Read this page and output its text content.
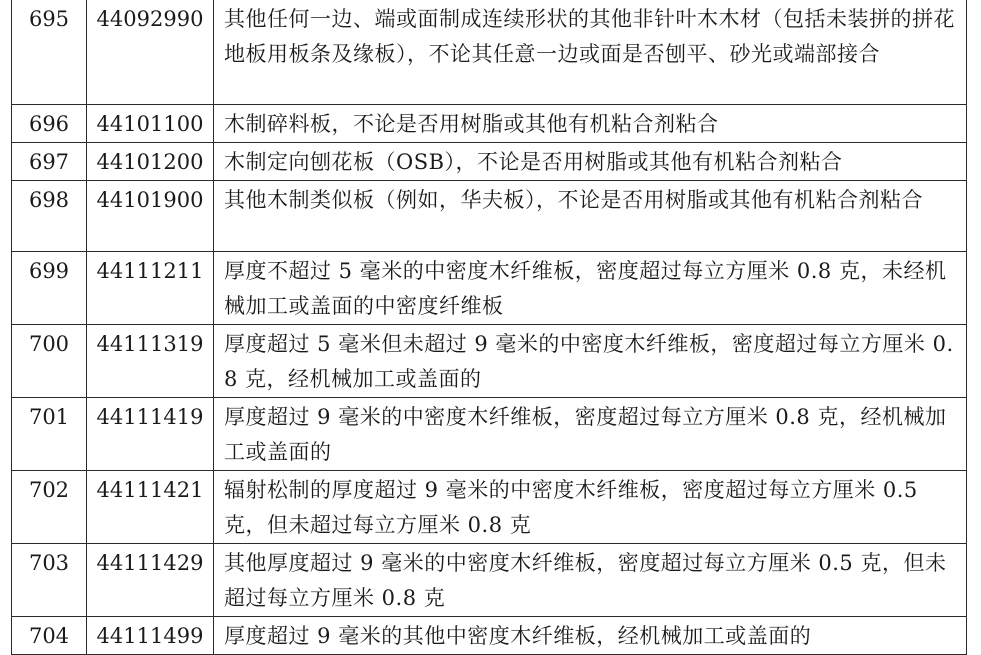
695	44092990	其他任何一边、端或面制成连续形状的其他非针叶木木材（包括未装拼的拼花地板用板条及缘板），不论其任意一边或面是否刨平、砂光或端部接合
696	44101100	木制碎料板，不论是否用树脂或其他有机粘合剂粘合
697	44101200	木制定向刨花板（OSB），不论是否用树脂或其他有机粘合剂粘合
698	44101900	其他木制类似板（例如，华夫板），不论是否用树脂或其他有机粘合剂粘合
699	44111211	厚度不超过 5 毫米的中密度木纤维板，密度超过每立方厘米 0.8 克，未经机械加工或盖面的中密度纤维板
700	44111319	厚度超过 5 毫米但未超过 9 毫米的中密度木纤维板，密度超过每立方厘米 0.8 克，经机械加工或盖面的
701	44111419	厚度超过 9 毫米的中密度木纤维板，密度超过每立方厘米 0.8 克，经机械加工或盖面的
702	44111421	辐射松制的厚度超过 9 毫米的中密度木纤维板，密度超过每立方厘米 0.5 克，但未超过每立方厘米 0.8 克
703	44111429	其他厚度超过 9 毫米的中密度木纤维板，密度超过每立方厘米 0.5 克，但未超过每立方厘米 0.8 克
704	44111499	厚度超过 9 毫米的其他中密度木纤维板，经机械加工或盖面的
